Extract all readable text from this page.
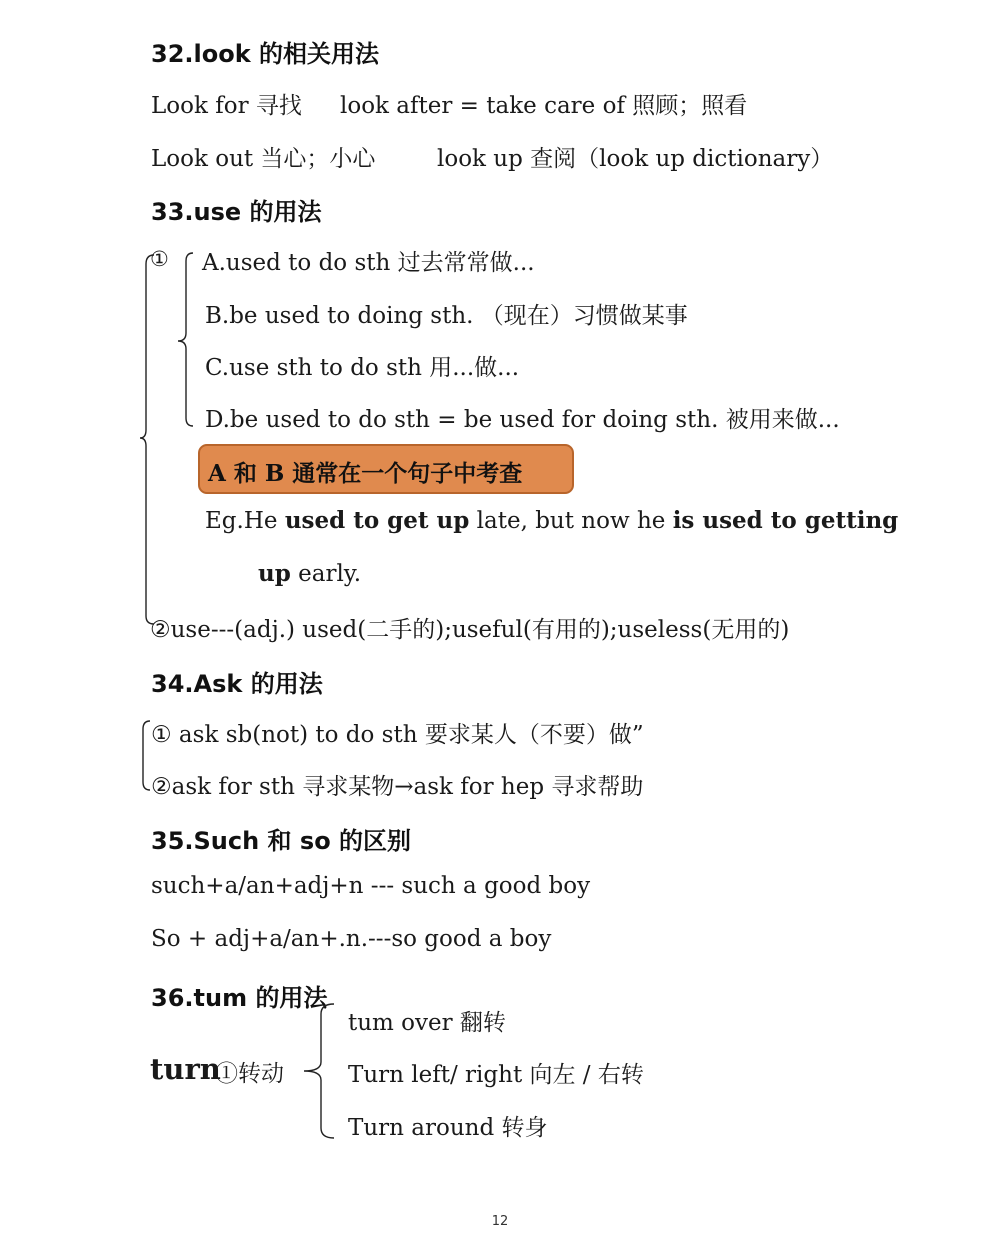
32.look 的相关用法
Look for 寻找 look after = take care of 照顾；照看
Look out 当心；小心	look up 查阅（look up dictionary）
33.use 的用法
① A.used to do sth 过去常常做...
B.be used to doing sth. （现在）习惯做某事
C.use sth to do sth 用...做...
D.be used to do sth = be used for doing sth. 被用来做...
A 和 B 通常在一个句子中考查
Eg.He used to get up late, but now he is used to getting
up early.
②use---(adj.) used(二手的);useful(有用的);useless(无用的)
34.Ask 的用法
① ask sb(not) to do sth 要求某人（不要）做”
②ask for sth 寻求某物→ask for hep 寻求帮助
35.Such 和 so 的区别
such+a/an+adj+n --- such a good boy
So + adj+a/an+.n.---so good a boy
36.tum 的用法
turn
①转动
tum over 翻转
Turn left/ right 向左 / 右转
Turn around 转身
12
